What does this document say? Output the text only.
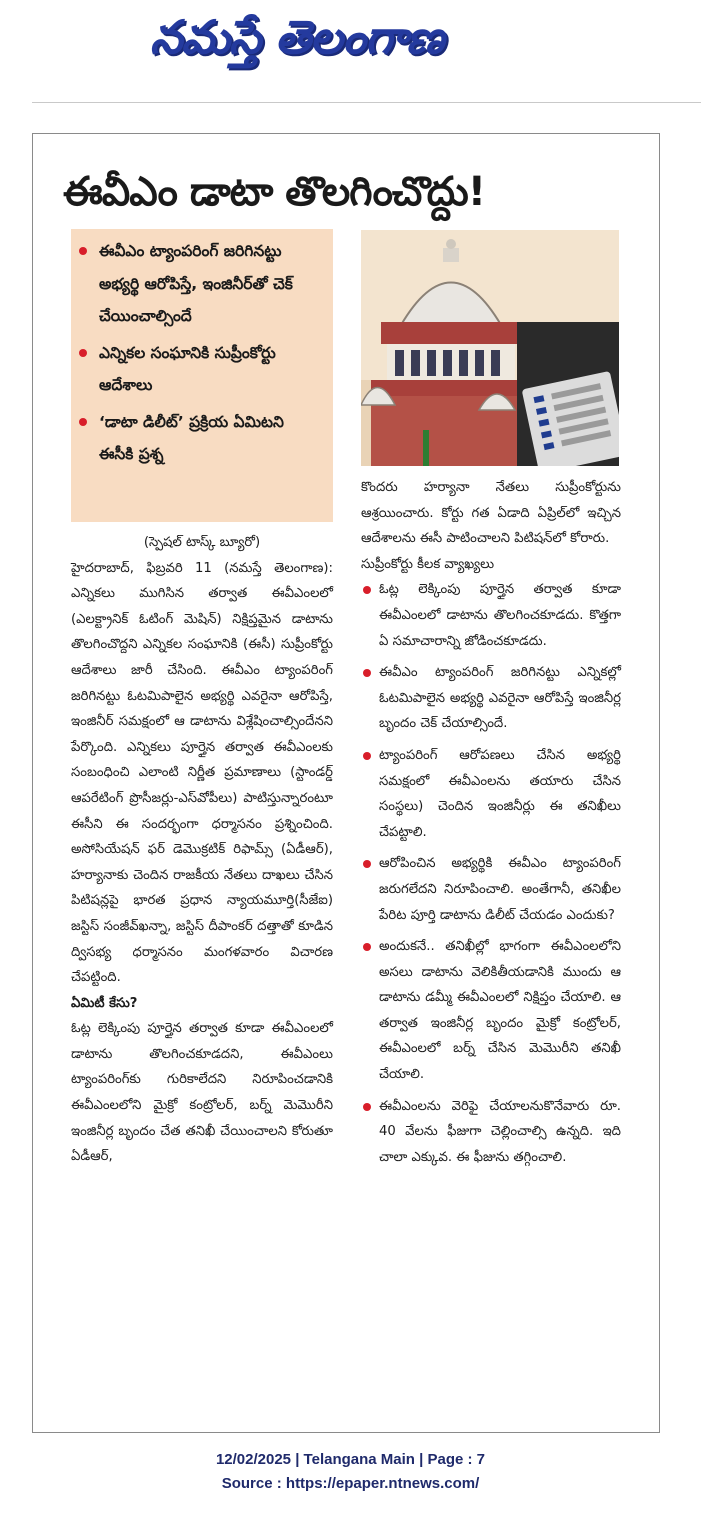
నమస్తే తెలంగాణ
ఈవీఎం డాటా తొలగించొద్దు!
ఈవీఎం ట్యాంపరింగ్ జరిగినట్టు అభ్యర్థి ఆరోపిస్తే, ఇంజినీర్‌తో చెక్ చేయించాల్సిందే
ఎన్నికల సంఘానికి సుప్రీంకోర్టు ఆదేశాలు
‘డాటా డిలీట్’ ప్రక్రియ ఏమిటని ఈసీకి ప్రశ్న

(స్పెషల్ టాస్క్ బ్యూరో)

హైదరాబాద్, ఫిబ్రవరి 11 (నమస్తే తెలంగాణ): ఎన్నికలు ముగిసిన తర్వాత ఈవీఎంలలో (ఎలక్ట్రానిక్ ఓటింగ్ మెషిన్) నిక్షిప్తమైన డాటాను తొలగించొద్దని ఎన్నికల సంఘానికి (ఈసీ) సుప్రీంకోర్టు ఆదేశాలు జారీ చేసింది. ఈవీఎం ట్యాంపరింగ్ జరిగినట్టు ఓటమిపాలైన అభ్యర్థి ఎవరైనా ఆరోపిస్తే, ఇంజినీర్ సమక్షంలో ఆ డాటాను విశ్లేషించాల్సిందేనని పేర్కొంది. ఎన్నికలు పూర్తైన తర్వాత ఈవీఎంలకు సంబంధించి ఎలాంటి నిర్ణీత ప్రమాణాలు (స్టాండర్డ్ ఆపరేటింగ్ ప్రొసీజర్లు-ఎస్‌వోపీలు) పాటిస్తున్నారంటూ ఈసీని ఈ సందర్భంగా ధర్మాసనం ప్రశ్నించింది. అసోసియేషన్ ఫర్ డెమొక్రటిక్ రిఫామ్స్ (ఏడీఆర్), హర్యానాకు చెందిన రాజకీయ నేతలు దాఖలు చేసిన పిటిషన్లపై భారత ప్రధాన న్యాయమూర్తి(సీజేఐ) జస్టిస్ సంజీవ్‌ఖన్నా, జస్టిస్ దీపాంకర్ దత్తాతో కూడిన ద్విసభ్య ధర్మాసనం మంగళవారం విచారణ చేపట్టింది.

ఏమిటీ కేసు?

ఓట్ల లెక్కింపు పూర్తైన తర్వాత కూడా ఈవీఎంలలో డాటాను తొలగించకూడదని, ఈవీఎంలు ట్యాంపరింగ్‌కు గురికాలేదని నిరూపించడానికి ఈవీఎంలలోని మైక్రో కంట్రోలర్, బర్న్ మెమొరీని ఇంజినీర్ల బృందం చేత తనిఖీ చేయించాలని కోరుతూ ఏడీఆర్,

కొందరు హర్యానా నేతలు సుప్రీంకోర్టును ఆశ్రయించారు. కోర్టు గత ఏడాది ఏప్రిల్‌లో ఇచ్చిన ఆదేశాలను ఈసీ పాటించాలని పిటిషన్‌లో కోరారు.

సుప్రీంకోర్టు కీలక వ్యాఖ్యలు

ఓట్ల లెక్కింపు పూర్తైన తర్వాత కూడా ఈవీఎంలలో డాటాను తొలగించకూడదు. కొత్తగా ఏ సమాచారాన్ని జోడించకూడదు.
ఈవీఎం ట్యాంపరింగ్ జరిగినట్టు ఎన్నికల్లో ఓటమిపాలైన అభ్యర్థి ఎవరైనా ఆరోపిస్తే ఇంజినీర్ల బృందం చెక్ చేయాల్సిందే.
ట్యాంపరింగ్ ఆరోపణలు చేసిన అభ్యర్థి సమక్షంలో ఈవీఎంలను తయారు చేసిన సంస్థలు) చెందిన ఇంజినీర్లు ఈ తనిఖీలు చేపట్టాలి.
ఆరోపించిన అభ్యర్థికి ఈవీఎం ట్యాంపరింగ్ జరుగలేదని నిరూపించాలి. అంతేగానీ, తనిఖీల పేరిట పూర్తి డాటాను డిలీట్ చేయడం ఎందుకు?
అందుకనే.. తనిఖీల్లో భాగంగా ఈవీఎంలలోని అసలు డాటాను వెలికితీయడానికి ముందు ఆ డాటాను డమ్మీ ఈవీఎంలలో నిక్షిప్తం చేయాలి. ఆ తర్వాత ఇంజినీర్ల బృందం మైక్రో కంట్రోలర్, ఈవీఎంలలో బర్న్ చేసిన మెమొరీని తనిఖీ చేయాలి.
ఈవీఎంలను వెరిఫై చేయాలనుకొనేవారు రూ. 40 వేలను ఫీజుగా చెల్లించాల్సి ఉన్నది. ఇది చాలా ఎక్కువ. ఈ ఫీజును తగ్గించాలి.
12/02/2025 | Telangana Main | Page : 7
Source : https://epaper.ntnews.com/
